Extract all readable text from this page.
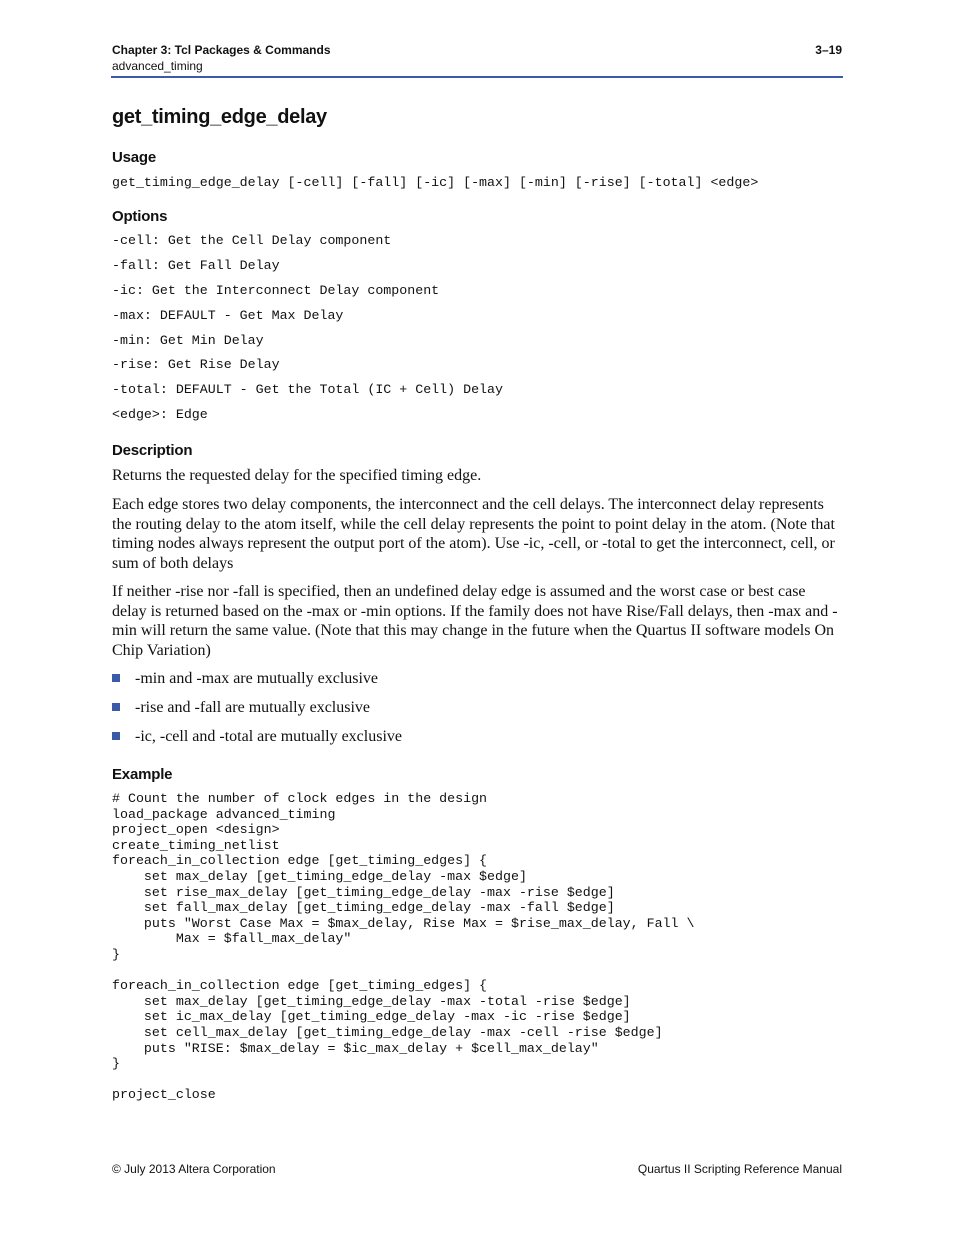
Chapter 3: Tcl Packages & Commands
advanced_timing
3–19
get_timing_edge_delay
Usage
get_timing_edge_delay [-cell] [-fall] [-ic] [-max] [-min] [-rise] [-total] <edge>
Options
-cell: Get the Cell Delay component
-fall: Get Fall Delay
-ic: Get the Interconnect Delay component
-max: DEFAULT - Get Max Delay
-min: Get Min Delay
-rise: Get Rise Delay
-total: DEFAULT - Get the Total (IC + Cell) Delay
<edge>: Edge
Description
Returns the requested delay for the specified timing edge.
Each edge stores two delay components, the interconnect and the cell delays. The interconnect delay represents the routing delay to the atom itself, while the cell delay represents the point to point delay in the atom. (Note that timing nodes always represent the output port of the atom). Use -ic, -cell, or -total to get the interconnect, cell, or sum of both delays
If neither -rise nor -fall is specified, then an undefined delay edge is assumed and the worst case or best case delay is returned based on the -max or -min options. If the family does not have Rise/Fall delays, then -max and -min will return the same value. (Note that this may change in the future when the Quartus II software models On Chip Variation)
-min and -max are mutually exclusive
-rise and -fall are mutually exclusive
-ic, -cell and -total are mutually exclusive
Example
# Count the number of clock edges in the design
load_package advanced_timing
project_open <design>
create_timing_netlist
foreach_in_collection edge [get_timing_edges] {
set max_delay [get_timing_edge_delay -max $edge]
set rise_max_delay [get_timing_edge_delay -max -rise $edge]
set fall_max_delay [get_timing_edge_delay -max -fall $edge]
puts "Worst Case Max = $max_delay, Rise Max = $rise_max_delay, Fall \
Max = $fall_max_delay"
}

foreach_in_collection edge [get_timing_edges] {
set max_delay [get_timing_edge_delay -max -total -rise $edge]
set ic_max_delay [get_timing_edge_delay -max -ic -rise $edge]
set cell_max_delay [get_timing_edge_delay -max -cell -rise $edge]
puts "RISE: $max_delay = $ic_max_delay + $cell_max_delay"
}

project_close
© July 2013 Altera Corporation	Quartus II Scripting Reference Manual
